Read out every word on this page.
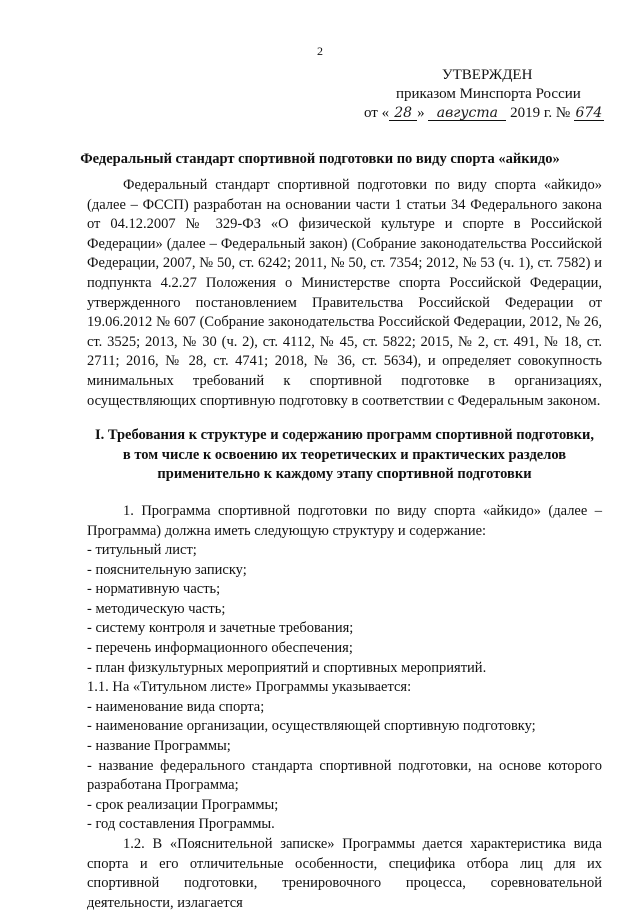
2
УТВЕРЖДЕН
приказом Минспорта России
от « 28 » августа 2019 г. № 674
Федеральный стандарт спортивной подготовки по виду спорта «айкидо»

Федеральный стандарт спортивной подготовки по виду спорта «айкидо» (далее – ФССП) разработан на основании части 1 статьи 34 Федерального закона от 04.12.2007 № 329-ФЗ «О физической культуре и спорте в Российской Федерации» (далее – Федеральный закон) (Собрание законодательства Российской Федерации, 2007, № 50, ст. 6242; 2011, № 50, ст. 7354; 2012, № 53 (ч. 1), ст. 7582) и подпункта 4.2.27 Положения о Министерстве спорта Российской Федерации, утвержденного постановлением Правительства Российской Федерации от 19.06.2012 № 607 (Собрание законодательства Российской Федерации, 2012, № 26, ст. 3525; 2013, № 30 (ч. 2), ст. 4112, № 45, ст. 5822; 2015, № 2, ст. 491, № 18, ст. 2711; 2016, № 28, ст. 4741; 2018, № 36, ст. 5634), и определяет совокупность минимальных требований к спортивной подготовке в организациях, осуществляющих спортивную подготовку в соответствии с Федеральным законом.

I. Требования к структуре и содержанию программ спортивной подготовки,
в том числе к освоению их теоретических и практических разделов
применительно к каждому этапу спортивной подготовки

1. Программа спортивной подготовки по виду спорта «айкидо» (далее – Программа) должна иметь следующую структуру и содержание:

- титульный лист;

- пояснительную записку;

- нормативную часть;

- методическую часть;

- систему контроля и зачетные требования;

- перечень информационного обеспечения;

- план физкультурных мероприятий и спортивных мероприятий.

1.1. На «Титульном листе» Программы указывается:

- наименование вида спорта;

- наименование организации, осуществляющей спортивную подготовку;

- название Программы;

- название федерального стандарта спортивной подготовки, на основе которого разработана Программа;

- срок реализации Программы;

- год составления Программы.

1.2. В «Пояснительной записке» Программы дается характеристика вида спорта и его отличительные особенности, специфика отбора лиц для их спортивной подготовки, тренировочного процесса, соревновательной деятельности, излагается
